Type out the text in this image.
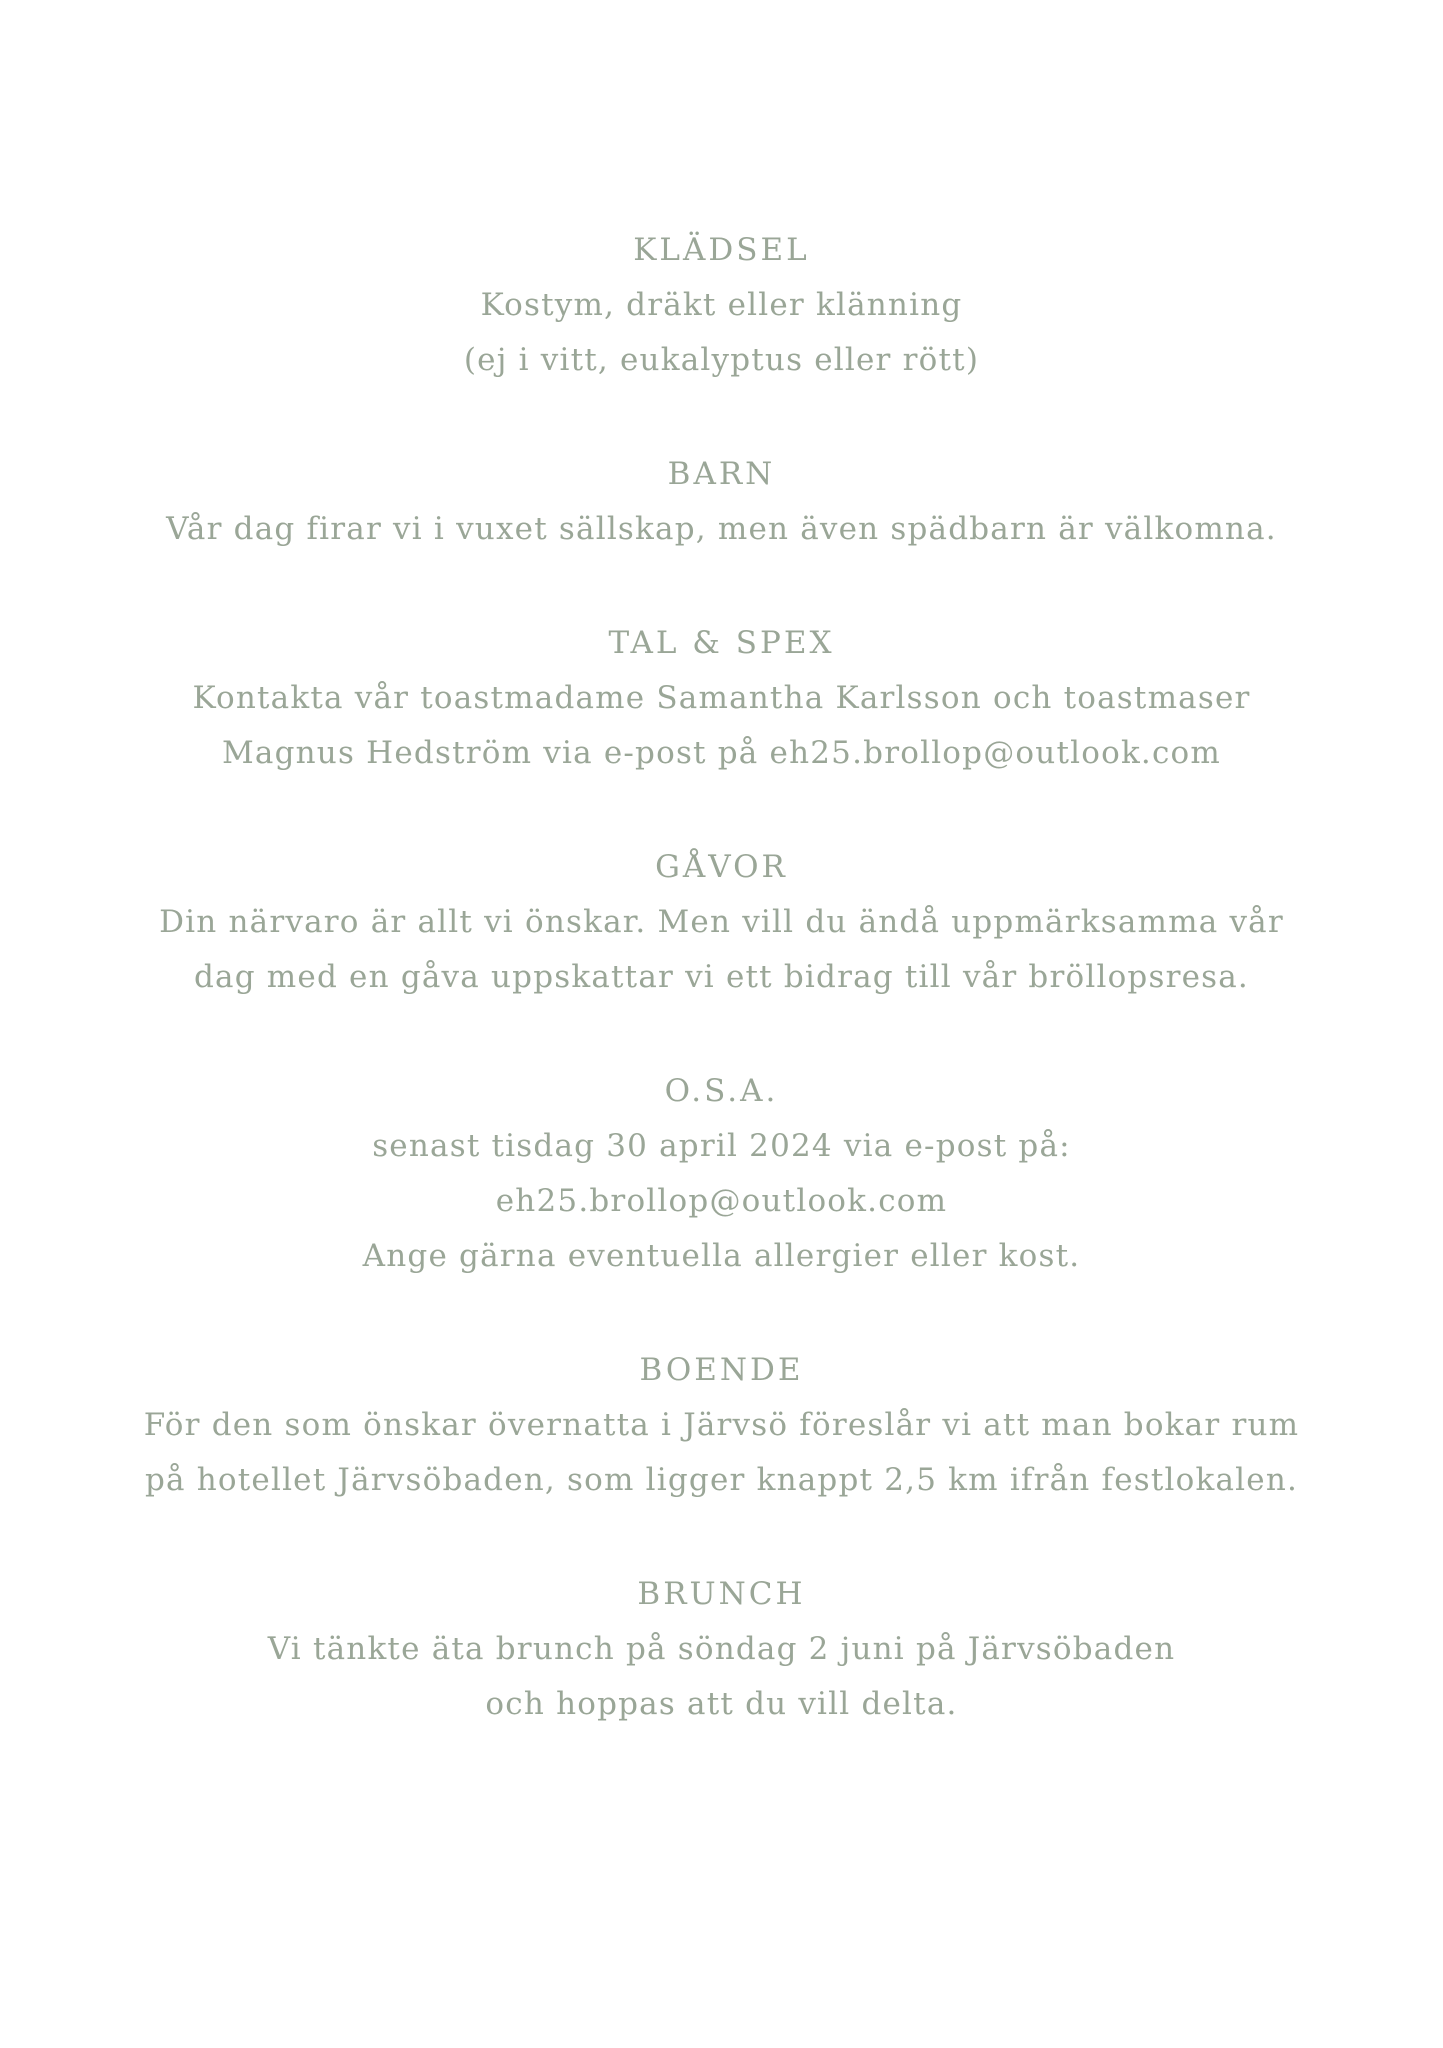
KLÄDSEL

Kostym, dräkt eller klänning

(ej i vitt, eukalyptus eller rött)

BARN

Vår dag firar vi i vuxet sällskap, men även spädbarn är välkomna.

TAL & SPEX

Kontakta vår toastmadame Samantha Karlsson och toastmaser

Magnus Hedström via e-post på eh25.brollop@outlook.com

GÅVOR

Din närvaro är allt vi önskar. Men vill du ändå uppmärksamma vår

dag med en gåva uppskattar vi ett bidrag till vår bröllopsresa.

O.S.A.

senast tisdag 30 april 2024 via e-post på:

eh25.brollop@outlook.com

Ange gärna eventuella allergier eller kost.

BOENDE

För den som önskar övernatta i Järvsö föreslår vi att man bokar rum

på hotellet Järvsöbaden, som ligger knappt 2,5 km ifrån festlokalen.

BRUNCH

Vi tänkte äta brunch på söndag 2 juni på Järvsöbaden

och hoppas att du vill delta.
